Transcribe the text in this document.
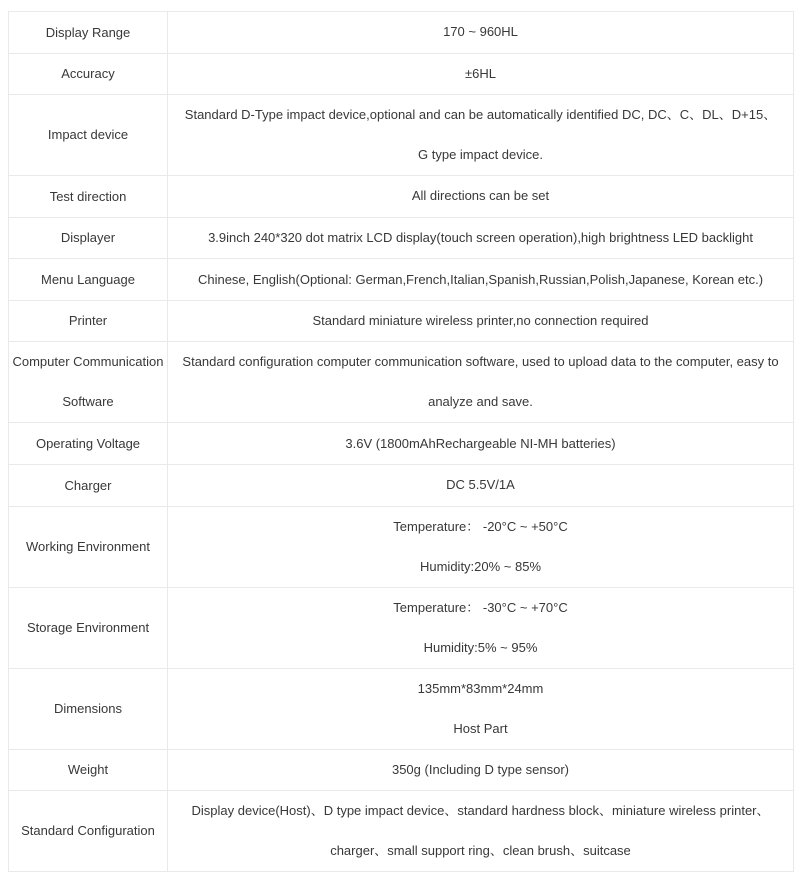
Display Range	170 ~ 960HL

Accuracy	±6HL

Impact device	Standard D-Type impact device,optional and can be automatically identified DC, DC、C、DL、D+15、
G type impact device.

Test direction	All directions can be set

Displayer	3.9inch 240*320 dot matrix LCD display(touch screen operation),high brightness LED backlight

Menu Language	Chinese, English(Optional: German,French,Italian,Spanish,Russian,Polish,Japanese, Korean etc.)

Printer	Standard miniature wireless printer,no connection required

Computer Communication Software	Standard configuration computer communication software, used to upload data to the computer, easy to
analyze and save.

Operating Voltage	3.6V (1800mAhRechargeable NI-MH batteries)

Charger	DC 5.5V/1A

Working Environment	Temperature： -20°C ~ +50°C
Humidity:20% ~ 85%

Storage Environment	Temperature： -30°C ~ +70°C
Humidity:5% ~ 95%

Dimensions	135mm*83mm*24mm
Host Part

Weight	350g (Including D type sensor)

Standard Configuration	Display device(Host)、D type impact device、standard hardness block、miniature wireless printer、
charger、small support ring、clean brush、suitcase
